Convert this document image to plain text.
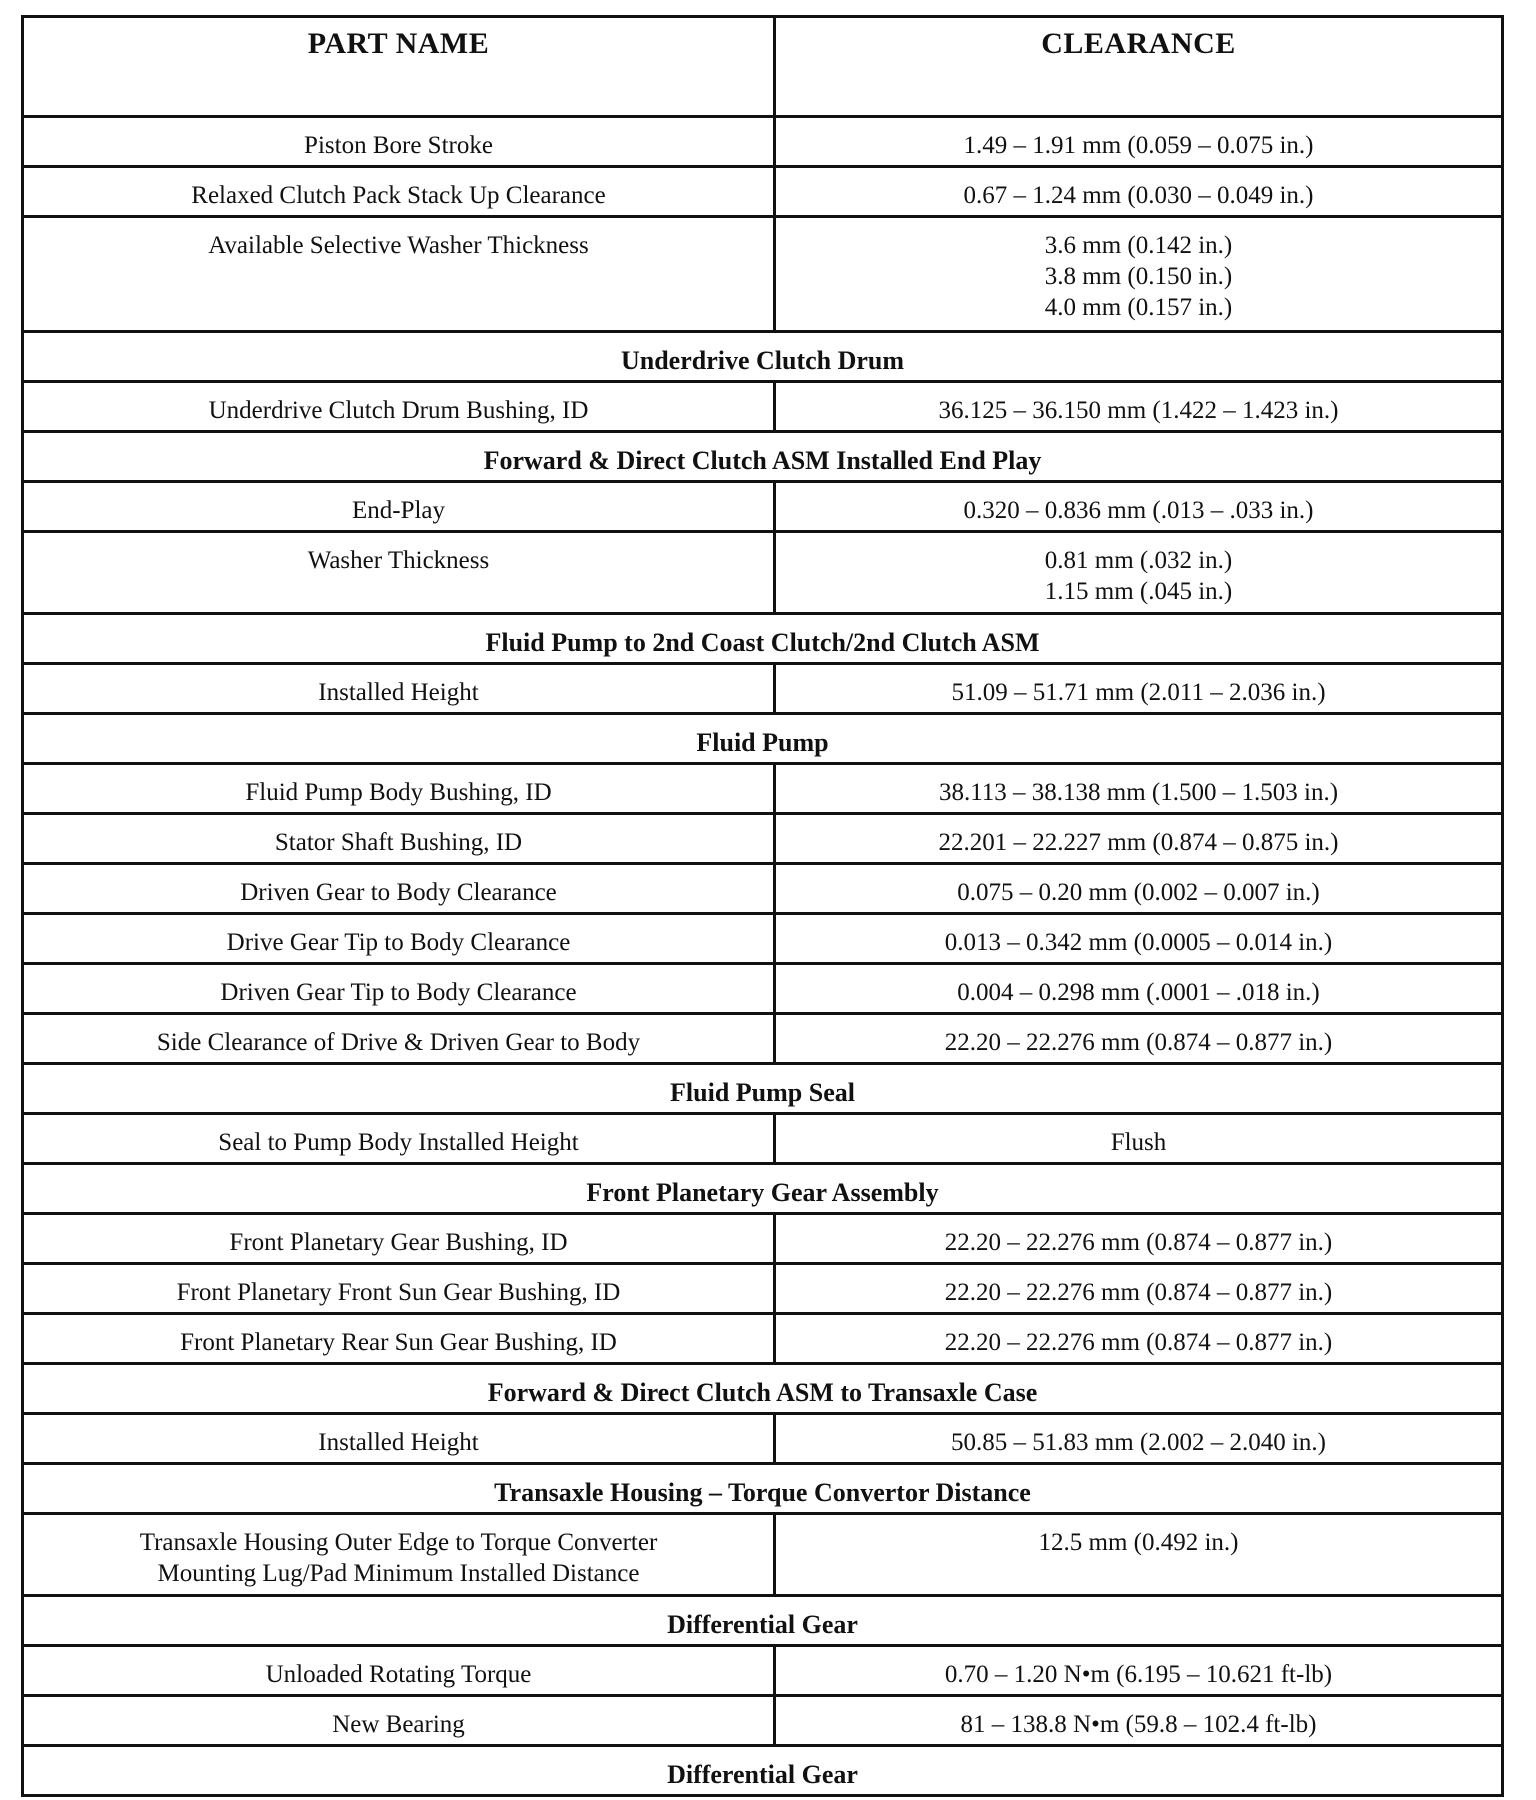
PART NAME	CLEARANCE

Piston Bore Stroke	1.49 – 1.91 mm (0.059 – 0.075 in.)

Relaxed Clutch Pack Stack Up Clearance	0.67 – 1.24 mm (0.030 – 0.049 in.)

Available Selective Washer Thickness	3.6 mm (0.142 in.)
3.8 mm (0.150 in.)
4.0 mm (0.157 in.)

Underdrive Clutch Drum	

Underdrive Clutch Drum Bushing, ID	36.125 – 36.150 mm (1.422 – 1.423 in.)

Forward & Direct Clutch ASM Installed End Play	

End-Play	0.320 – 0.836 mm (.013 – .033 in.)

Washer Thickness	0.81 mm (.032 in.)
1.15 mm (.045 in.)

Fluid Pump to 2nd Coast Clutch/2nd Clutch ASM	

Installed Height	51.09 – 51.71 mm (2.011 – 2.036 in.)

Fluid Pump	

Fluid Pump Body Bushing, ID	38.113 – 38.138 mm (1.500 – 1.503 in.)

Stator Shaft Bushing, ID	22.201 – 22.227 mm (0.874 – 0.875 in.)

Driven Gear to Body Clearance	0.075 – 0.20 mm (0.002 – 0.007 in.)

Drive Gear Tip to Body Clearance	0.013 – 0.342 mm (0.0005 – 0.014 in.)

Driven Gear Tip to Body Clearance	0.004 – 0.298 mm (.0001 – .018 in.)

Side Clearance of Drive & Driven Gear to Body	22.20 – 22.276 mm (0.874 – 0.877 in.)

Fluid Pump Seal	

Seal to Pump Body Installed Height	Flush

Front Planetary Gear Assembly	

Front Planetary Gear Bushing, ID	22.20 – 22.276 mm (0.874 – 0.877 in.)

Front Planetary Front Sun Gear Bushing, ID	22.20 – 22.276 mm (0.874 – 0.877 in.)

Front Planetary Rear Sun Gear Bushing, ID	22.20 – 22.276 mm (0.874 – 0.877 in.)

Forward & Direct Clutch ASM to Transaxle Case	

Installed Height	50.85 – 51.83 mm (2.002 – 2.040 in.)

Transaxle Housing – Torque Convertor Distance	

Transaxle Housing Outer Edge to Torque Converter
Mounting Lug/Pad Minimum Installed Distance	12.5 mm (0.492 in.)

Differential Gear	

Unloaded Rotating Torque	0.70 – 1.20 N•m (6.195 – 10.621 ft-lb)

New Bearing	81 – 138.8 N•m (59.8 – 102.4 ft-lb)

Differential Gear	
